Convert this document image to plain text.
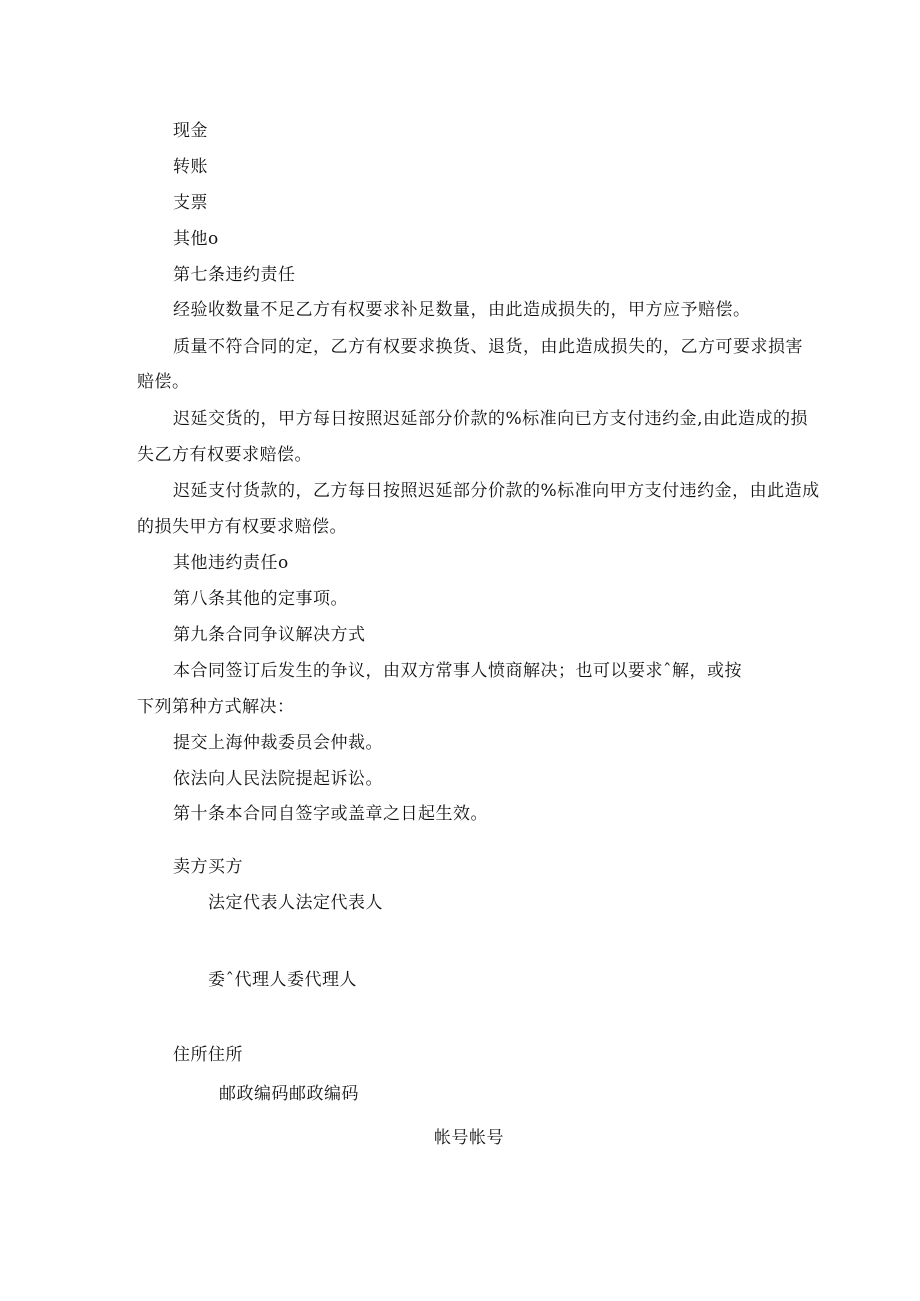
现金
转账
支票
其他o
第七条违约责任
经验收数量不足乙方有权要求补足数量，由此造成损失的，甲方应予赔偿。
质量不符合同的定，乙方有权要求换货、退货，由此造成损失的，乙方可要求损害
赔偿。
迟延交货的，甲方每日按照迟延部分价款的%标准向已方支付违约金,由此造成的损
失乙方有权要求赔偿。
迟延支付货款的，乙方每日按照迟延部分价款的%标准向甲方支付违约金，由此造成
的损失甲方有权要求赔偿。
其他违约责任o
第八条其他的定事项。
第九条合同争议解决方式
本合同签订后发生的争议，由双方常事人愤商解决；也可以要求ˆ解，或按
下列第种方式解决：
提交上海仲裁委员会仲裁。
依法向人民法院提起诉讼。
第十条本合同自签字或盖章之日起生效。
卖方买方
法定代表人法定代表人
委ˆ代理人委代理人
住所住所
邮政编码邮政编码
帐号帐号
